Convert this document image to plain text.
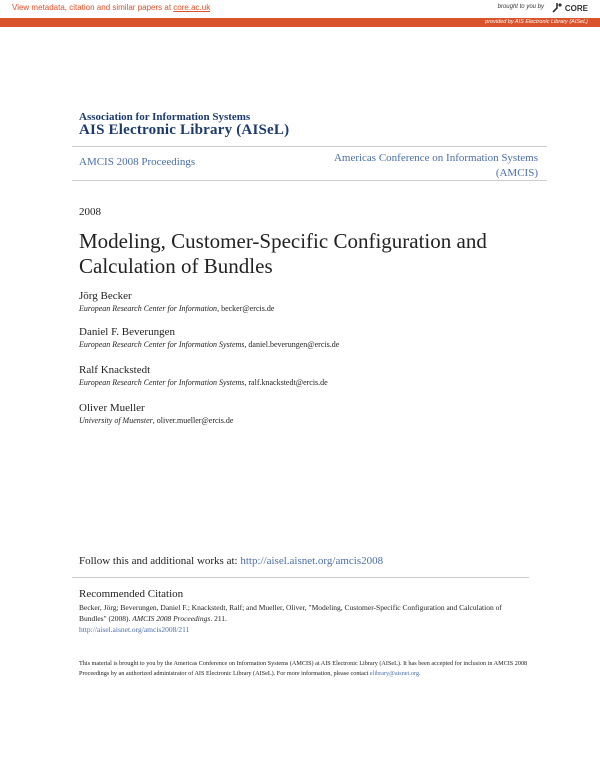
View metadata, citation and similar papers at core.ac.uk	brought to you by	CORE
provided by AIS Electronic Library (AISeL)
Association for Information Systems
AIS Electronic Library (AISeL)
AMCIS 2008 Proceedings	Americas Conference on Information Systems
(AMCIS)
2008
Modeling, Customer-Specific Configuration and
Calculation of Bundles
Jörg Becker
European Research Center for Information, becker@ercis.de
Daniel F. Beverungen
European Research Center for Information Systems, daniel.beverungen@ercis.de
Ralf Knackstedt
European Research Center for Information Systems, ralf.knackstedt@ercis.de
Oliver Mueller
University of Muenster, oliver.mueller@ercis.de
Follow this and additional works at: http://aisel.aisnet.org/amcis2008
Recommended Citation
Becker, Jörg; Beverungen, Daniel F.; Knackstedt, Ralf; and Mueller, Oliver, "Modeling, Customer-Specific Configuration and Calculation of Bundles" (2008). AMCIS 2008 Proceedings. 211.
http://aisel.aisnet.org/amcis2008/211
This material is brought to you by the Americas Conference on Information Systems (AMCIS) at AIS Electronic Library (AISeL). It has been accepted for inclusion in AMCIS 2008 Proceedings by an authorized administrator of AIS Electronic Library (AISeL). For more information, please contact elibrary@aisnet.org.
